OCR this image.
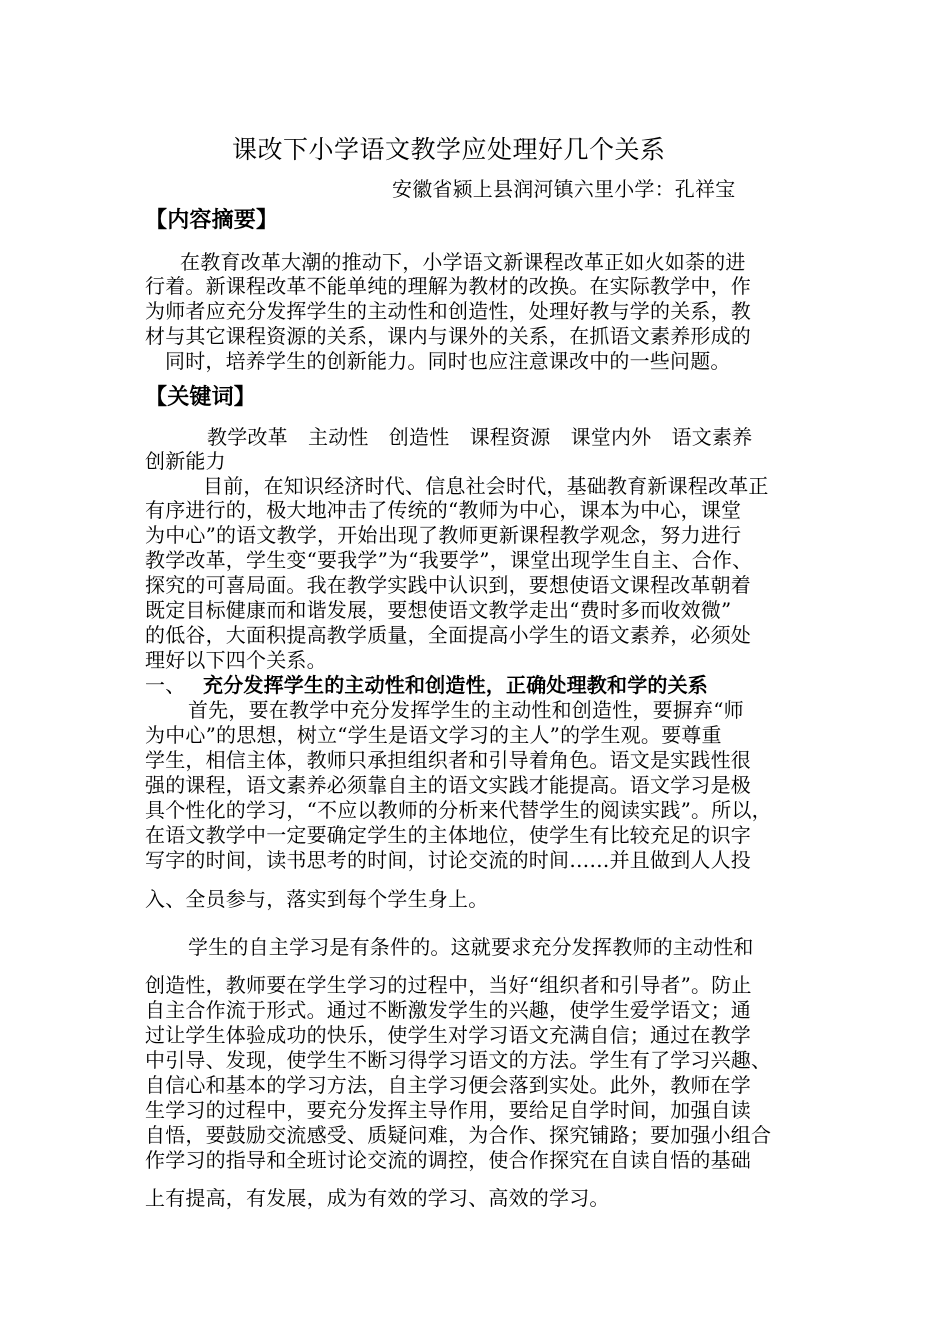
课改下小学语文教学应处理好几个关系
安徽省颍上县润河镇六里小学：孔祥宝
【内容摘要】
在教育改革大潮的推动下，小学语文新课程改革正如火如荼的进
行着。新课程改革不能单纯的理解为教材的改换。在实际教学中，作
为师者应充分发挥学生的主动性和创造性，处理好教与学的关系，教
材与其它课程资源的关系，课内与课外的关系，在抓语文素养形成的
同时，培养学生的创新能力。同时也应注意课改中的一些问题。
【关键词】
教学改革　主动性　创造性　课程资源　课堂内外　语文素养
创新能力
目前，在知识经济时代、信息社会时代，基础教育新课程改革正
有序进行的，极大地冲击了传统的“教师为中心，课本为中心，课堂
为中心”的语文教学，开始出现了教师更新课程教学观念，努力进行
教学改革，学生变“要我学”为“我要学”，课堂出现学生自主、合作、
探究的可喜局面。我在教学实践中认识到，要想使语文课程改革朝着
既定目标健康而和谐发展，要想使语文教学走出“费时多而收效微”
的低谷，大面积提高教学质量，全面提高小学生的语文素养，必须处
理好以下四个关系。
一、 充分发挥学生的主动性和创造性，正确处理教和学的关系
首先，要在教学中充分发挥学生的主动性和创造性，要摒弃“师
为中心”的思想，树立“学生是语文学习的主人”的学生观。要尊重
学生，相信主体，教师只承担组织者和引导着角色。语文是实践性很
强的课程，语文素养必须靠自主的语文实践才能提高。语文学习是极
具个性化的学习，“不应以教师的分析来代替学生的阅读实践”。所以，
在语文教学中一定要确定学生的主体地位，使学生有比较充足的识字
写字的时间，读书思考的时间，讨论交流的时间……并且做到人人投
入、全员参与，落实到每个学生身上。
学生的自主学习是有条件的。这就要求充分发挥教师的主动性和
创造性，教师要在学生学习的过程中，当好“组织者和引导者”。防止
自主合作流于形式。通过不断激发学生的兴趣，使学生爱学语文；通
过让学生体验成功的快乐，使学生对学习语文充满自信；通过在教学
中引导、发现，使学生不断习得学习语文的方法。学生有了学习兴趣、
自信心和基本的学习方法，自主学习便会落到实处。此外，教师在学
生学习的过程中，要充分发挥主导作用，要给足自学时间，加强自读
自悟，要鼓励交流感受、质疑问难，为合作、探究铺路；要加强小组合
作学习的指导和全班讨论交流的调控，使合作探究在自读自悟的基础
上有提高，有发展，成为有效的学习、高效的学习。
